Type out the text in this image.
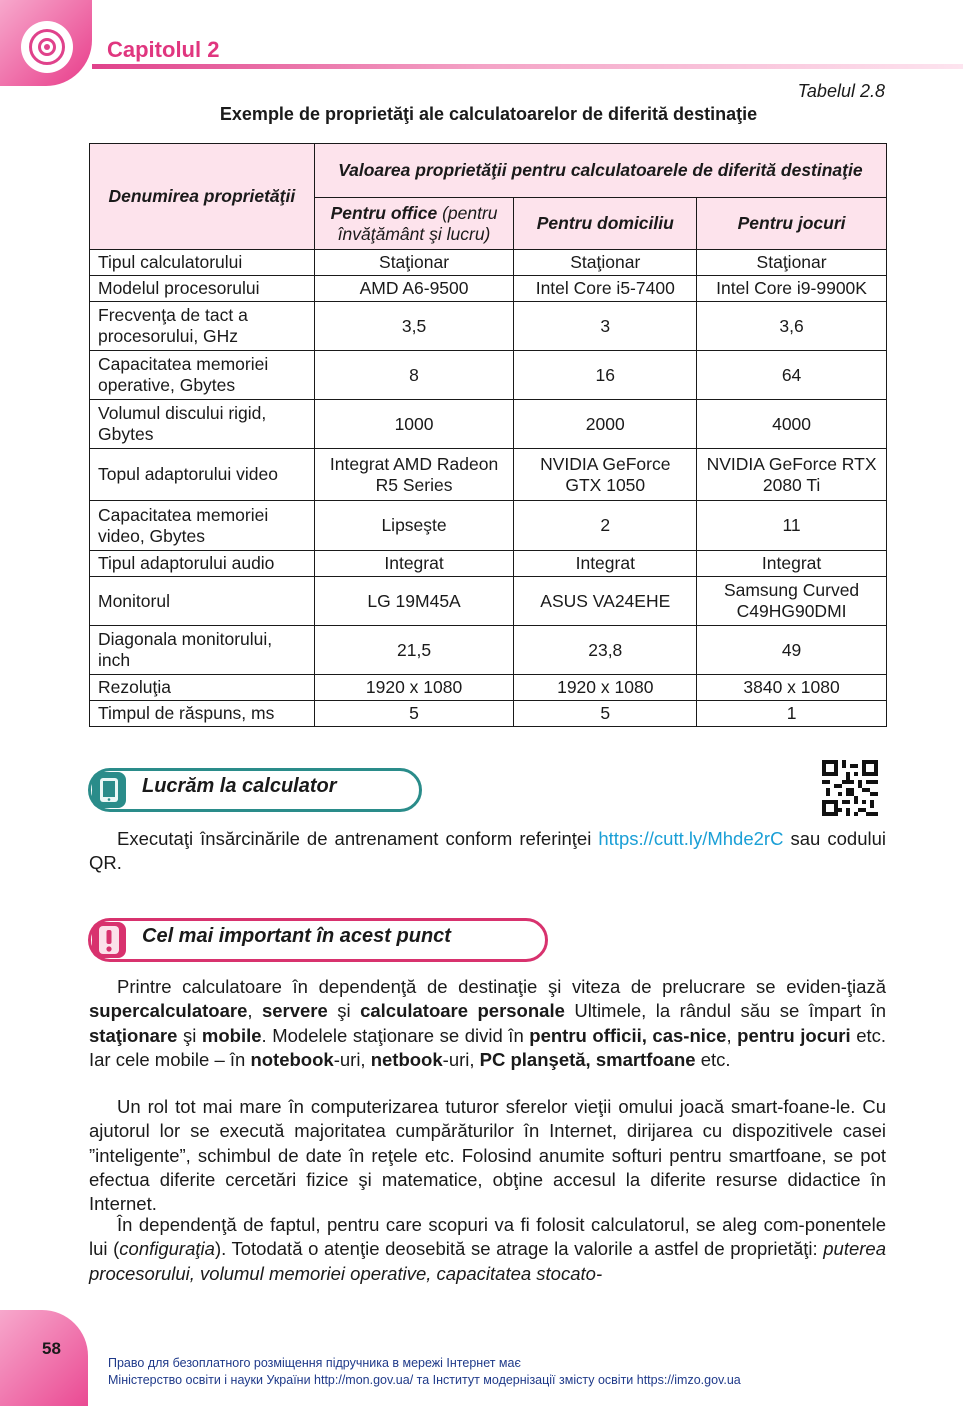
Capitolul 2
Tabelul 2.8
Exemple de proprietăţi ale calculatoarelor de diferită destinaţie
Denumirea proprietăţii	Valoarea proprietăţii pentru calculatoarele de diferită destinaţie		
	Pentru office (pentru învăţământ şi lucru)	Pentru domiciliu	Pentru jocuri
Tipul calculatorului	Staţionar	Staţionar	Staţionar
Modelul procesorului	AMD A6-9500	Intel Core i5-7400	Intel Core i9-9900K
Frecvenţa de tact a procesorului, GHz	3,5	3	3,6
Capacitatea memoriei operative, Gbytes	8	16	64
Volumul discului rigid, Gbytes	1000	2000	4000
Topul adaptorului video	Integrat AMD Radeon R5 Series	NVIDIA GeForce GTX 1050	NVIDIA GeForce RTX 2080 Ti
Capacitatea memoriei video, Gbytes	Lipseşte	2	11
Tipul adaptorului audio	Integrat	Integrat	Integrat
Monitorul	LG 19M45A	ASUS VA24EHE	Samsung Curved C49HG90DMI
Diagonala monitorului, inch	21,5	23,8	49
Rezoluţia	1920 x 1080	1920 x 1080	3840 x 1080
Timpul de răspuns, ms	5	5	1
Lucrăm la calculator

Executaţi însărcinările de antrenament conform referinţei https://cutt.ly/Mhde2rC sau codului QR.

Cel mai important în acest punct

Printre calculatoare în dependenţă de destinaţie şi viteza de prelucrare se eviden-ţiază supercalculatoare, servere şi calculatoare personale Ultimele, la rândul său se împart în staţionare şi mobile. Modelele staţionare se divid în pentru officii, cas-nice, pentru jocuri etc. Iar cele mobile – în notebook-uri, netbook-uri, PC planşetă, smartfoane etc.

Un rol tot mai mare în computerizarea tuturor sferelor vieţii omului joacă smart-foane-le. Cu ajutorul lor se execută majoritatea cumpărăturilor în Internet, dirijarea cu dispozitivele casei ”inteligente”, schimbul de date în reţele etc. Folosind anumite softuri pentru smartfoane, se pot efectua diferite cercetări fizice şi matematice, obţine accesul la diferite resurse didactice în Internet.

În dependenţă de faptul, pentru care scopuri va fi folosit calculatorul, se aleg com-ponentele lui (configuraţia). Totodată o atenţie deosebită se atrage la valorile a astfel de proprietăţi: puterea procesorului, volumul memoriei operative, capacitatea stocato-

58
Право для безоплатного розміщення підручника в мережі Інтернет має
Міністерство освіти і науки України http://mon.gov.ua/ та Інститут модернізації змісту освіти https://imzo.gov.ua
